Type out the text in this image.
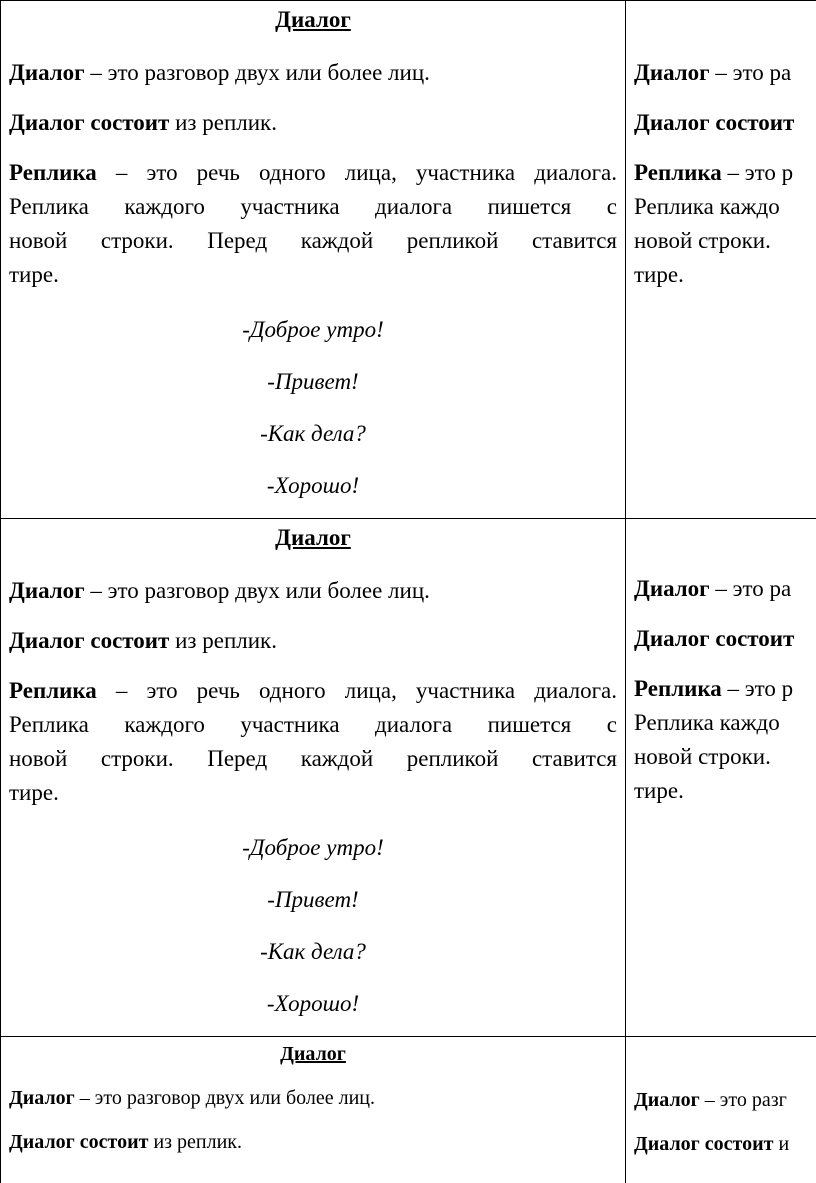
Диалог

Диалог – это разговор двух или более лиц.

Диалог состоит из реплик.

Реплика – это речь одного лица, участника диалога.
Реплика каждого участника диалога пишется с
новой строки. Перед каждой репликой ставится
тире.

-Доброе утро!

-Привет!

-Как дела?

-Хорошо!

Диалог – это ра

Диалог состоит

Реплика – это р
Реплика каждо
новой строки.
тире.
Диалог

Диалог – это разговор двух или более лиц.

Диалог состоит из реплик.

Реплика – это речь одного лица, участника диалога.
Реплика каждого участника диалога пишется с
новой строки. Перед каждой репликой ставится
тире.

-Доброе утро!

-Привет!

-Как дела?

-Хорошо!

Диалог – это ра

Диалог состоит

Реплика – это р
Реплика каждо
новой строки.
тире.
Диалог

Диалог – это разговор двух или более лиц.

Диалог состоит из реплик.

Диалог – это разг

Диалог состоит и
